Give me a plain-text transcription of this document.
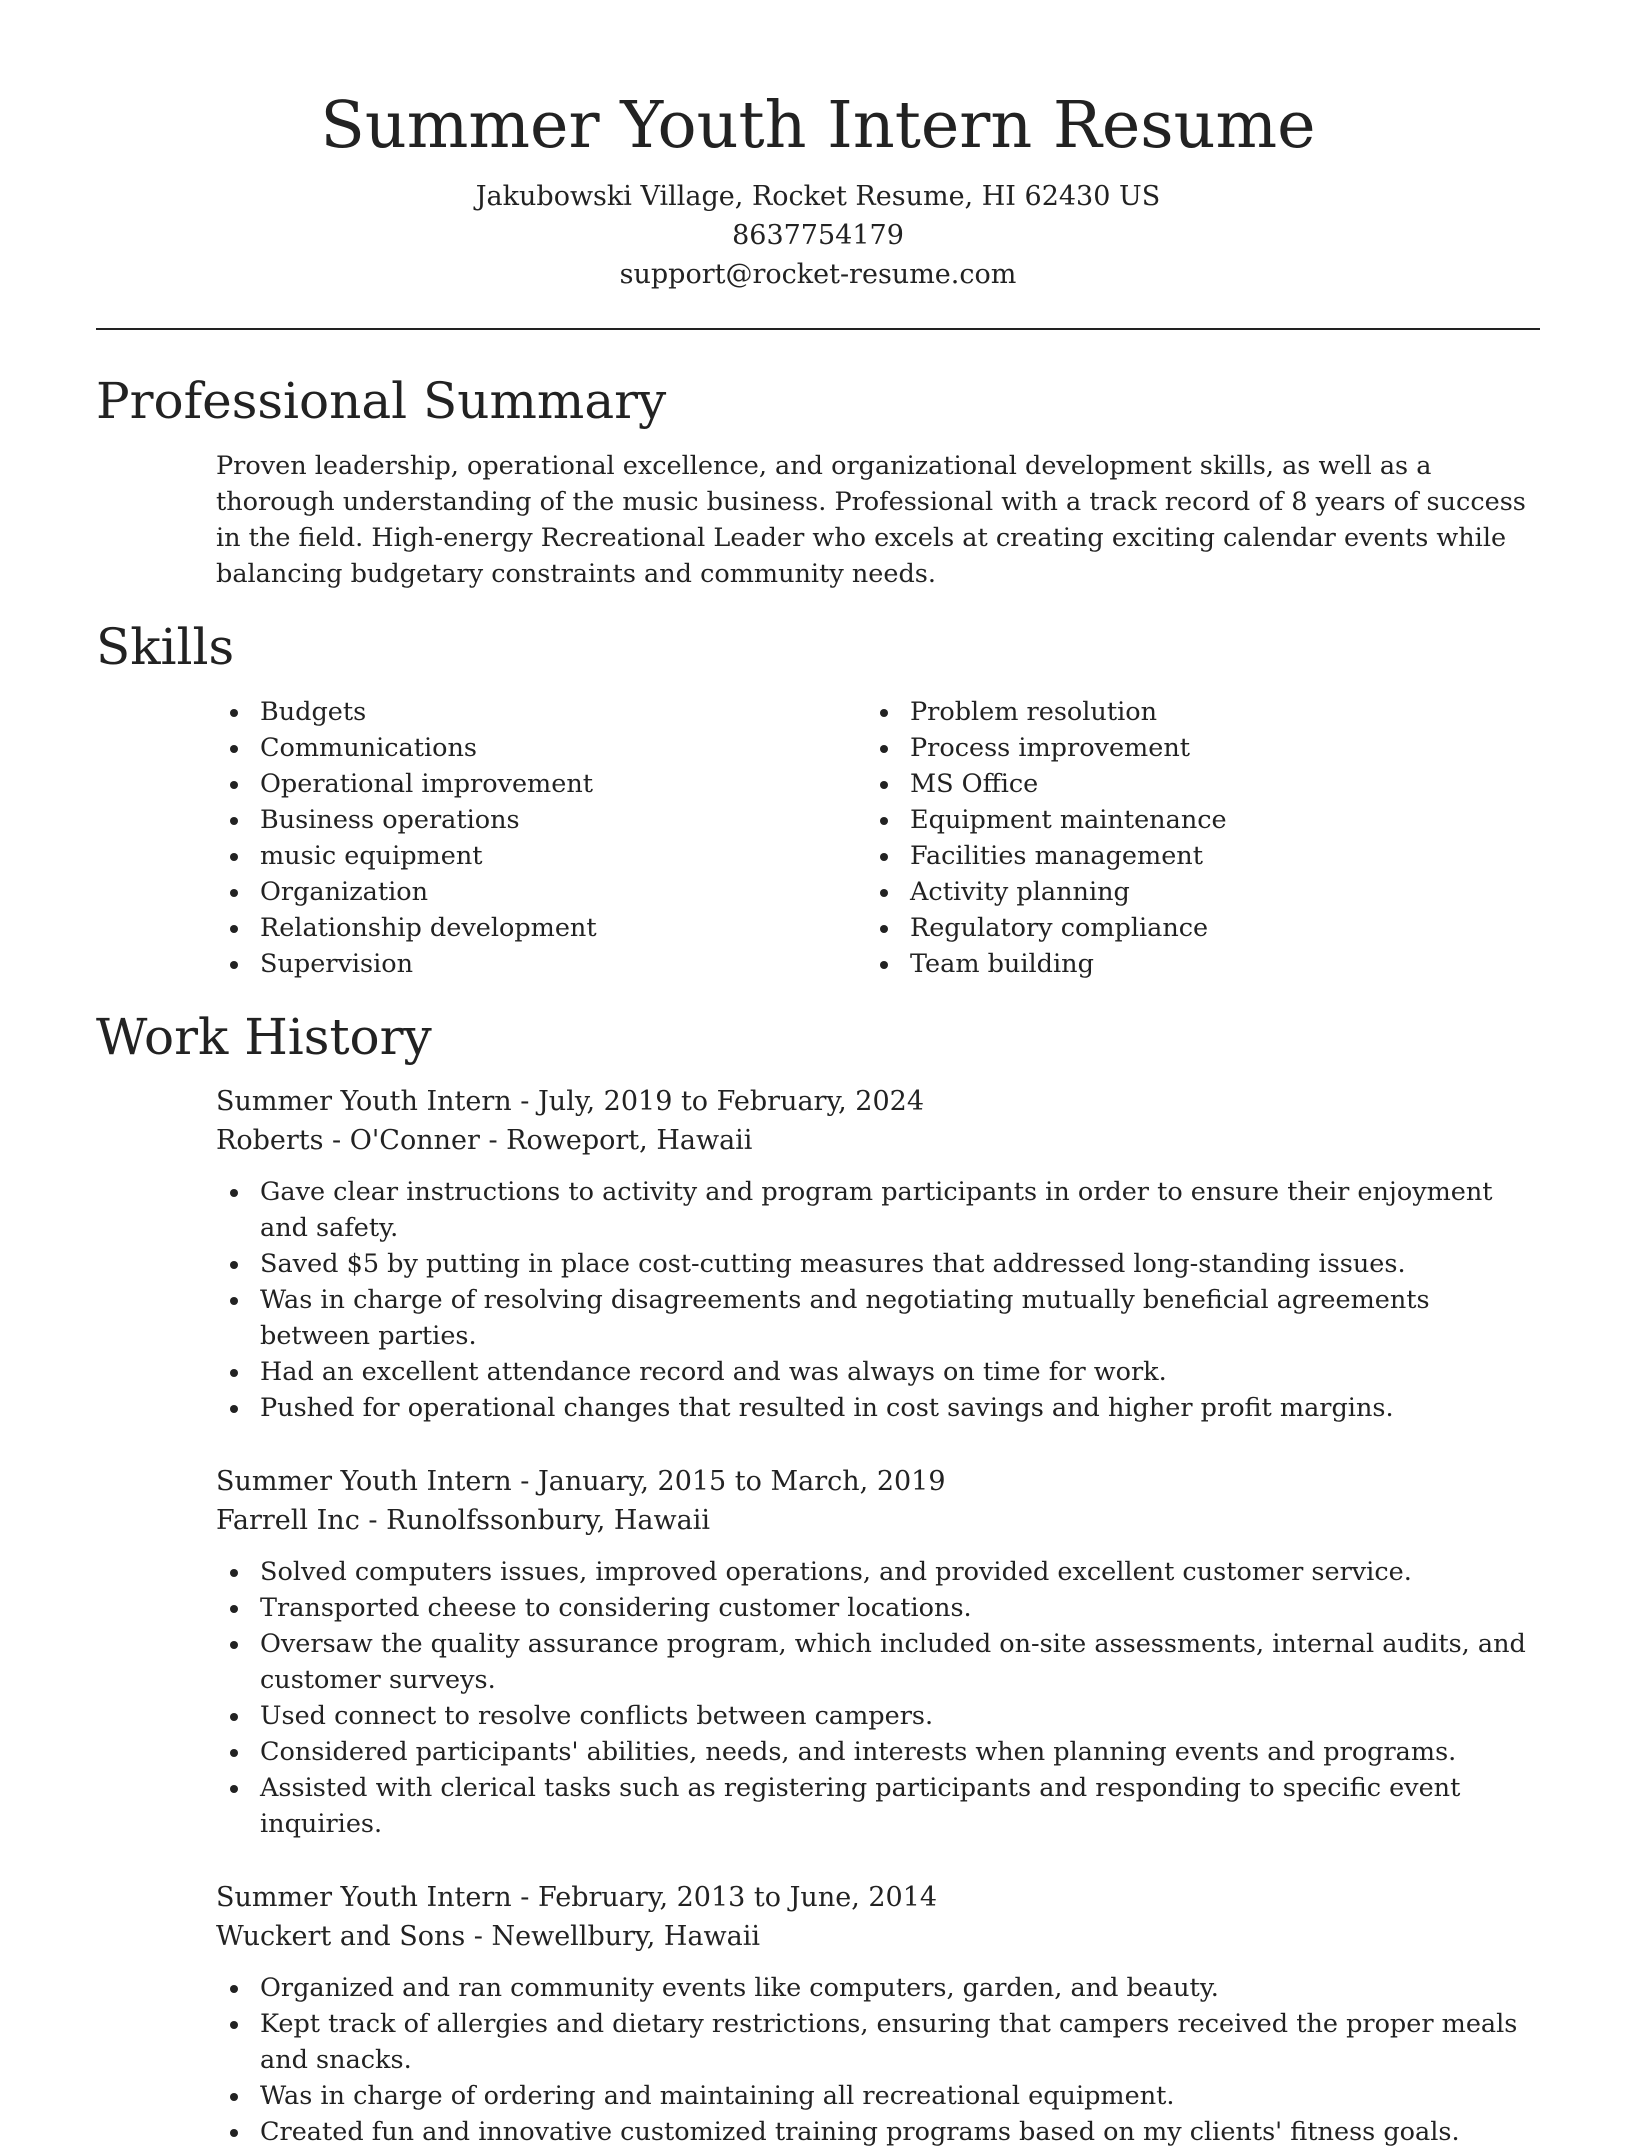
Summer Youth Intern Resume

Jakubowski Village, Rocket Resume, HI 62430 US

8637754179

support@rocket-resume.com

Professional Summary

Proven leadership, operational excellence, and organizational development skills, as well as a thorough understanding of the music business. Professional with a track record of 8 years of success in the field. High-energy Recreational Leader who excels at creating exciting calendar events while balancing budgetary constraints and community needs.

Skills
Budgets
Communications
Operational improvement
Business operations
music equipment
Organization
Relationship development
Supervision
Problem resolution
Process improvement
MS Office
Equipment maintenance
Facilities management
Activity planning
Regulatory compliance
Team building
Work History

Summer Youth Intern - July, 2019 to February, 2024

Roberts - O'Conner - Roweport, Hawaii

Gave clear instructions to activity and program participants in order to ensure their enjoyment and safety.
Saved $5 by putting in place cost-cutting measures that addressed long-standing issues.
Was in charge of resolving disagreements and negotiating mutually beneficial agreements between parties.
Had an excellent attendance record and was always on time for work.
Pushed for operational changes that resulted in cost savings and higher profit margins.

Summer Youth Intern - January, 2015 to March, 2019

Farrell Inc - Runolfssonbury, Hawaii

Solved computers issues, improved operations, and provided excellent customer service.
Transported cheese to considering customer locations.
Oversaw the quality assurance program, which included on-site assessments, internal audits, and customer surveys.
Used connect to resolve conflicts between campers.
Considered participants' abilities, needs, and interests when planning events and programs.
Assisted with clerical tasks such as registering participants and responding to specific event inquiries.

Summer Youth Intern - February, 2013 to June, 2014

Wuckert and Sons - Newellbury, Hawaii

Organized and ran community events like computers, garden, and beauty.
Kept track of allergies and dietary restrictions, ensuring that campers received the proper meals and snacks.
Was in charge of ordering and maintaining all recreational equipment.
Created fun and innovative customized training programs based on my clients' fitness goals.
